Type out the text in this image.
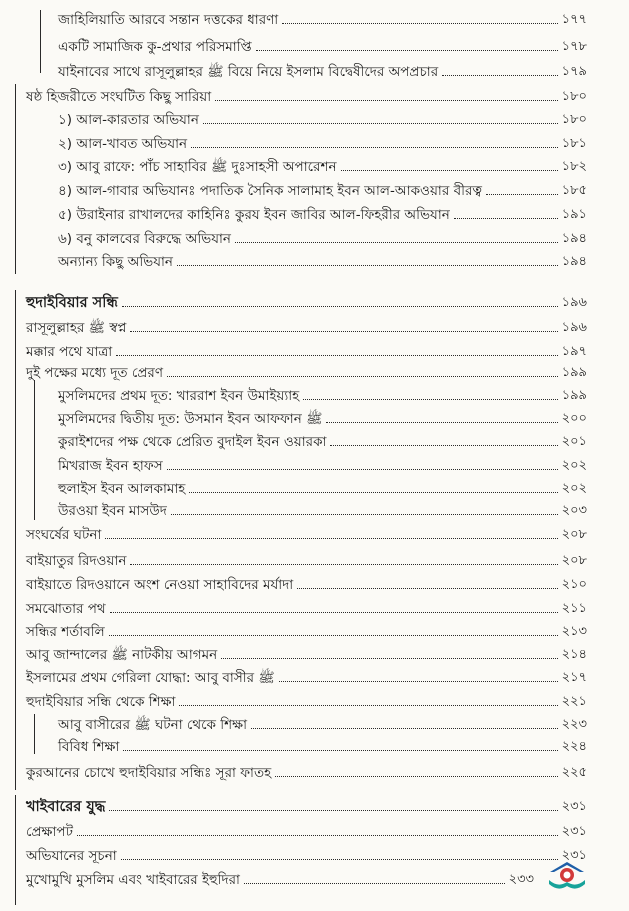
জাহিলিয়াতি আরবে সন্তান দত্তকের ধারণা	১৭৭
একটি সামাজিক কু-প্রথার পরিসমাপ্তি	১৭৮
যাইনাবের সাথে রাসূলুল্লাহর ﷺ বিয়ে নিয়ে ইসলাম বিদ্বেষীদের অপপ্রচার	১৭৯
ষষ্ঠ হিজরীতে সংঘটিত কিছু সারিয়া	১৮০
১) আল-কারতার অভিযান	১৮০
২) আল-খাবত অভিযান	১৮১
৩) আবু রাফে: পাঁচ সাহাবির ﷺ দুঃসাহসী অপারেশন	১৮২
৪) আল-গাবার অভিযানঃ পদাতিক সৈনিক সালামাহ ইবন আল-আকওয়ার বীরত্ব	১৮৫
৫) উরাইনার রাখালদের কাহিনিঃ কুরয ইবন জাবির আল-ফিহরীর অভিযান	১৯১
৬) বনু কালবের বিরুদ্ধে অভিযান	১৯৪
অন্যান্য কিছু অভিযান	১৯৪
হুদাইবিয়ার সন্ধি	১৯৬
রাসূলুল্লাহর ﷺ স্বপ্ন	১৯৬
মক্কার পথে যাত্রা	১৯৭
দুই পক্ষের মধ্যে দূত প্রেরণ	১৯৯
মুসলিমদের প্রথম দূত: খাররাশ ইবন উমাইয়্যাহ	১৯৯
মুসলিমদের দ্বিতীয় দূত: উসমান ইবন আফফান ﷺ	২০০
কুরাইশদের পক্ষ থেকে প্রেরিত বুদাইল ইবন ওয়ারকা	২০১
মিখরাজ ইবন হাফস	২০২
হুলাইস ইবন আলকামাহ	২০২
উরওয়া ইবন মাসউদ	২০৩
সংঘর্ষের ঘটনা	২০৮
বাইয়াতুর রিদওয়ান	২০৮
বাইয়াতে রিদওয়ানে অংশ নেওয়া সাহাবিদের মর্যাদা	২১০
সমঝোতার পথ	২১১
সন্ধির শর্তাবলি	২১৩
আবু জান্দালের ﷺ নাটকীয় আগমন	২১৪
ইসলামের প্রথম গেরিলা যোদ্ধা: আবু বাসীর ﷺ	২১৭
হুদাইবিয়ার সন্ধি থেকে শিক্ষা	২২১
আবু বাসীরের ﷺ ঘটনা থেকে শিক্ষা	২২৩
বিবিধ শিক্ষা	২২৪
কুরআনের চোখে হুদাইবিয়ার সন্ধিঃ সূরা ফাতহ	২২৫
খাইবারের যুদ্ধ	২৩১
প্রেক্ষাপট	২৩১
অভিযানের সূচনা	২৩১
মুখোমুখি মুসলিম এবং খাইবারের ইহুদিরা	২৩৩
